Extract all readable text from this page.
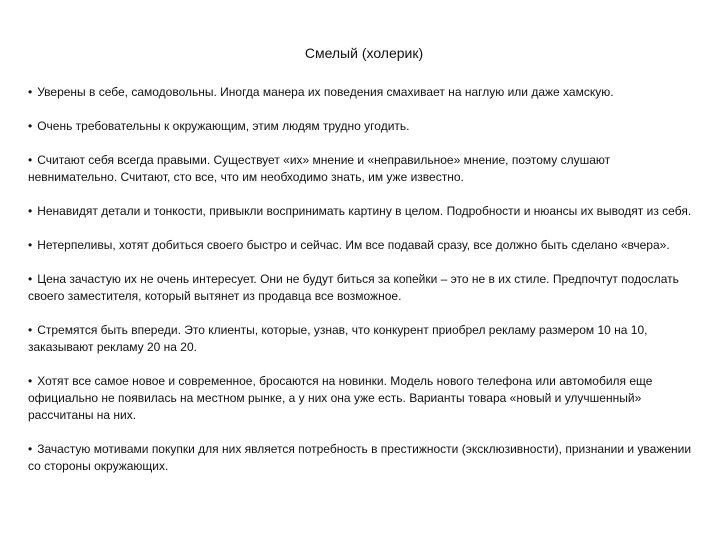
Смелый (холерик)
• Уверены в себе, самодовольны. Иногда манера их поведения смахивает на наглую или даже хамскую.
• Очень требовательны к окружающим, этим людям трудно угодить.
• Считают себя всегда правыми. Существует «их» мнение и «неправильное» мнение, поэтому слушают невнимательно. Считают, сто все, что им необходимо знать, им уже известно.
• Ненавидят детали и тонкости, привыкли воспринимать картину в целом. Подробности и нюансы их выводят из себя.
• Нетерпеливы, хотят добиться своего быстро и сейчас. Им все подавай сразу, все должно быть сделано «вчера».
• Цена зачастую их не очень интересует. Они не будут биться за копейки – это не в их стиле. Предпочтут подослать своего заместителя, который вытянет из продавца все возможное.
• Стремятся быть впереди. Это клиенты, которые, узнав, что конкурент приобрел рекламу размером 10 на 10, заказывают рекламу 20 на 20.
• Хотят все самое новое и современное, бросаются на новинки. Модель нового телефона или автомобиля еще официально не появилась на местном рынке, а у них она уже есть. Варианты товара «новый и улучшенный» рассчитаны на них.
• Зачастую мотивами покупки для них является потребность в престижности (эксклюзивности), признании и уважении со стороны окружающих.
